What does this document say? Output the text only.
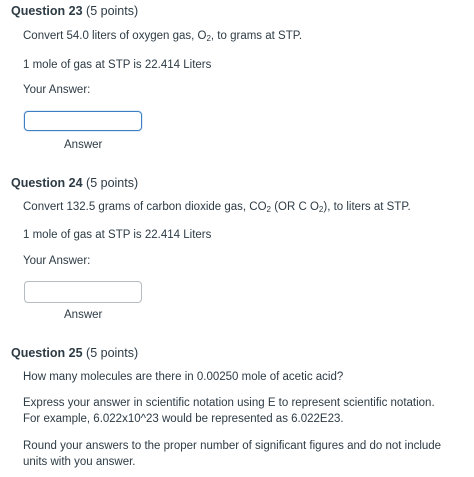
Question 23 (5 points)
Convert 54.0 liters of oxygen gas, $O_2$, to grams at STP.
1 mole of gas at STP is 22.414 Liters
Your Answer:
Answer
Question 24 (5 points)
Convert 132.5 grams of carbon dioxide gas, $CO_2$ (OR C $O_2$), to liters at STP.
1 mole of gas at STP is 22.414 Liters
Your Answer:
Answer
Question 25 (5 points)
How many molecules are there in 0.00250 mole of acetic acid?
Express your answer in scientific notation using E to represent scientific notation. For example, 6.022x10^23 would be represented as 6.022E23.
Round your answers to the proper number of significant figures and do not include units with you answer.
